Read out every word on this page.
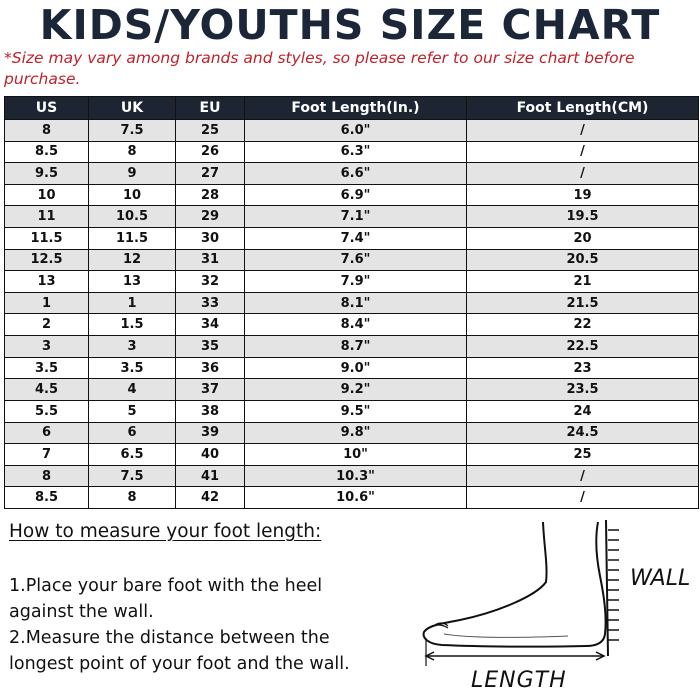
KIDS/YOUTHS SIZE CHART
*Size may vary among brands and styles, so please refer to our size chart before purchase.
US	UK	EU	Foot Length(In.)	Foot Length(CM)
8	7.5	25	6.0"	/
8.5	8	26	6.3"	/
9.5	9	27	6.6"	/
10	10	28	6.9"	19
11	10.5	29	7.1"	19.5
11.5	11.5	30	7.4"	20
12.5	12	31	7.6"	20.5
13	13	32	7.9"	21
1	1	33	8.1"	21.5
2	1.5	34	8.4"	22
3	3	35	8.7"	22.5
3.5	3.5	36	9.0"	23
4.5	4	37	9.2"	23.5
5.5	5	38	9.5"	24
6	6	39	9.8"	24.5
7	6.5	40	10"	25
8	7.5	41	10.3"	/
8.5	8	42	10.6"	/
How to measure your foot length:
1.Place your bare foot with the heel
against the wall.
2.Measure the distance between the
longest point of your foot and the wall.
WALL
LENGTH
